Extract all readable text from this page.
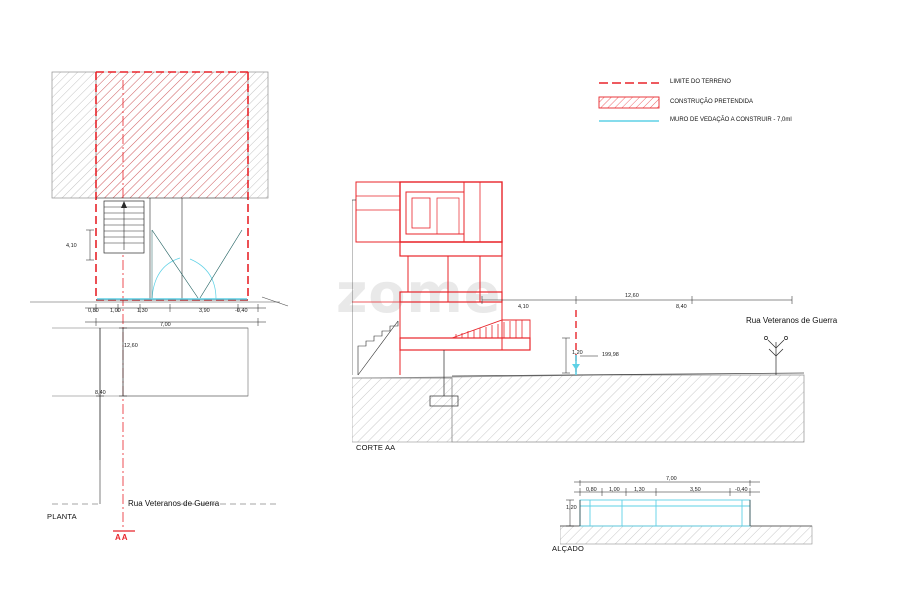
zome
LIMITE DO TERRENO
CONSTRUÇÃO PRETENDIDA
MURO DE VEDAÇÃO A CONSTRUIR - 7,0ml
0,80 1,00	1,30	3,90	-0,40
7,00
4,10
12,60
8,40
Rua Veteranos de Guerra
PLANTA
AA
4,10
12,60
8,40
1,20	199,98
Rua Veteranos de Guerra
CORTE AA
0,80 1,00	1,30	3,50	-0,40
7,00
1,20
ALÇADO
